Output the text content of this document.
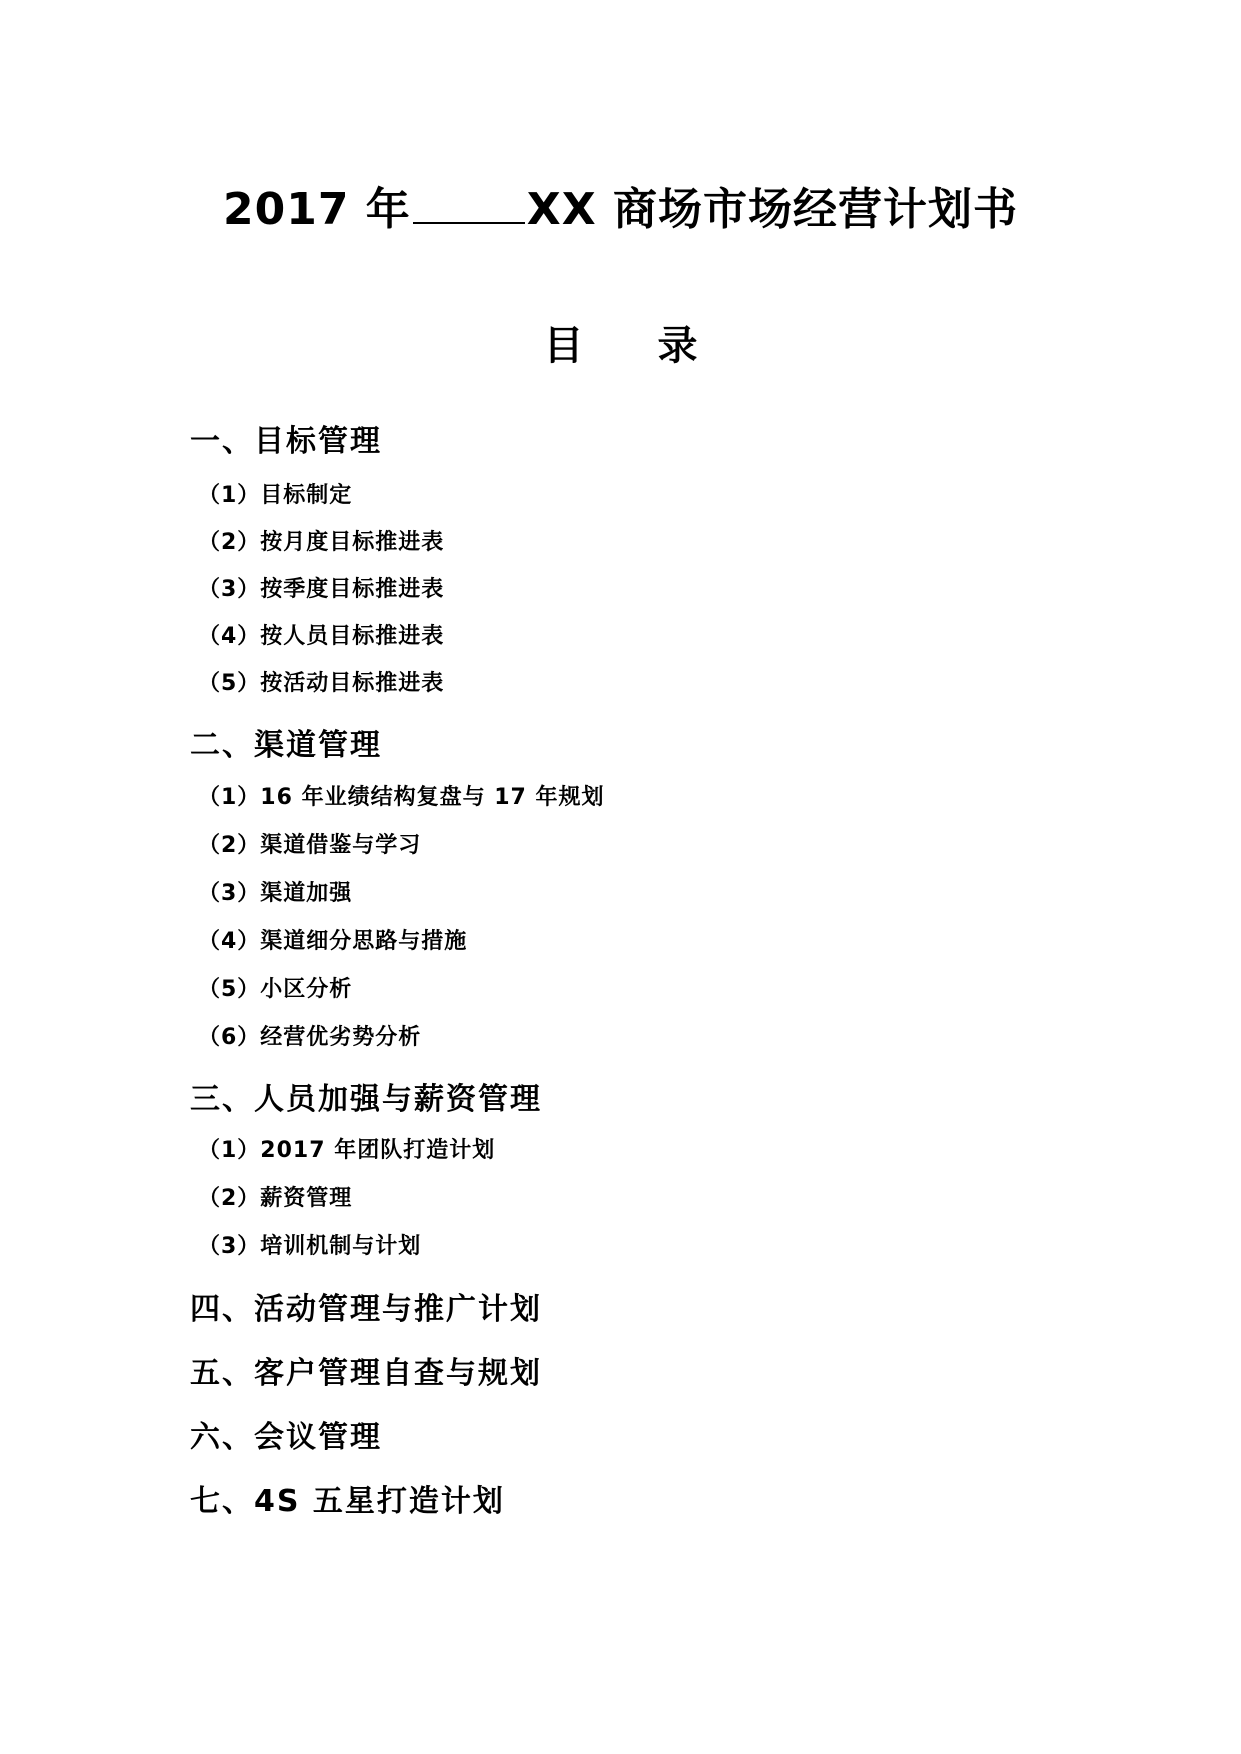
2017 年	XX 商场市场经营计划书
目 录
一、目标管理
（1）目标制定
（2）按月度目标推进表
（3）按季度目标推进表
（4）按人员目标推进表
（5）按活动目标推进表
二、渠道管理
（1）16 年业绩结构复盘与 17 年规划
（2）渠道借鉴与学习
（3）渠道加强
（4）渠道细分思路与措施
（5）小区分析
（6）经营优劣势分析
三、人员加强与薪资管理
（1）2017 年团队打造计划
（2）薪资管理
（3）培训机制与计划
四、活动管理与推广计划
五、客户管理自查与规划
六、会议管理
七、4S 五星打造计划
